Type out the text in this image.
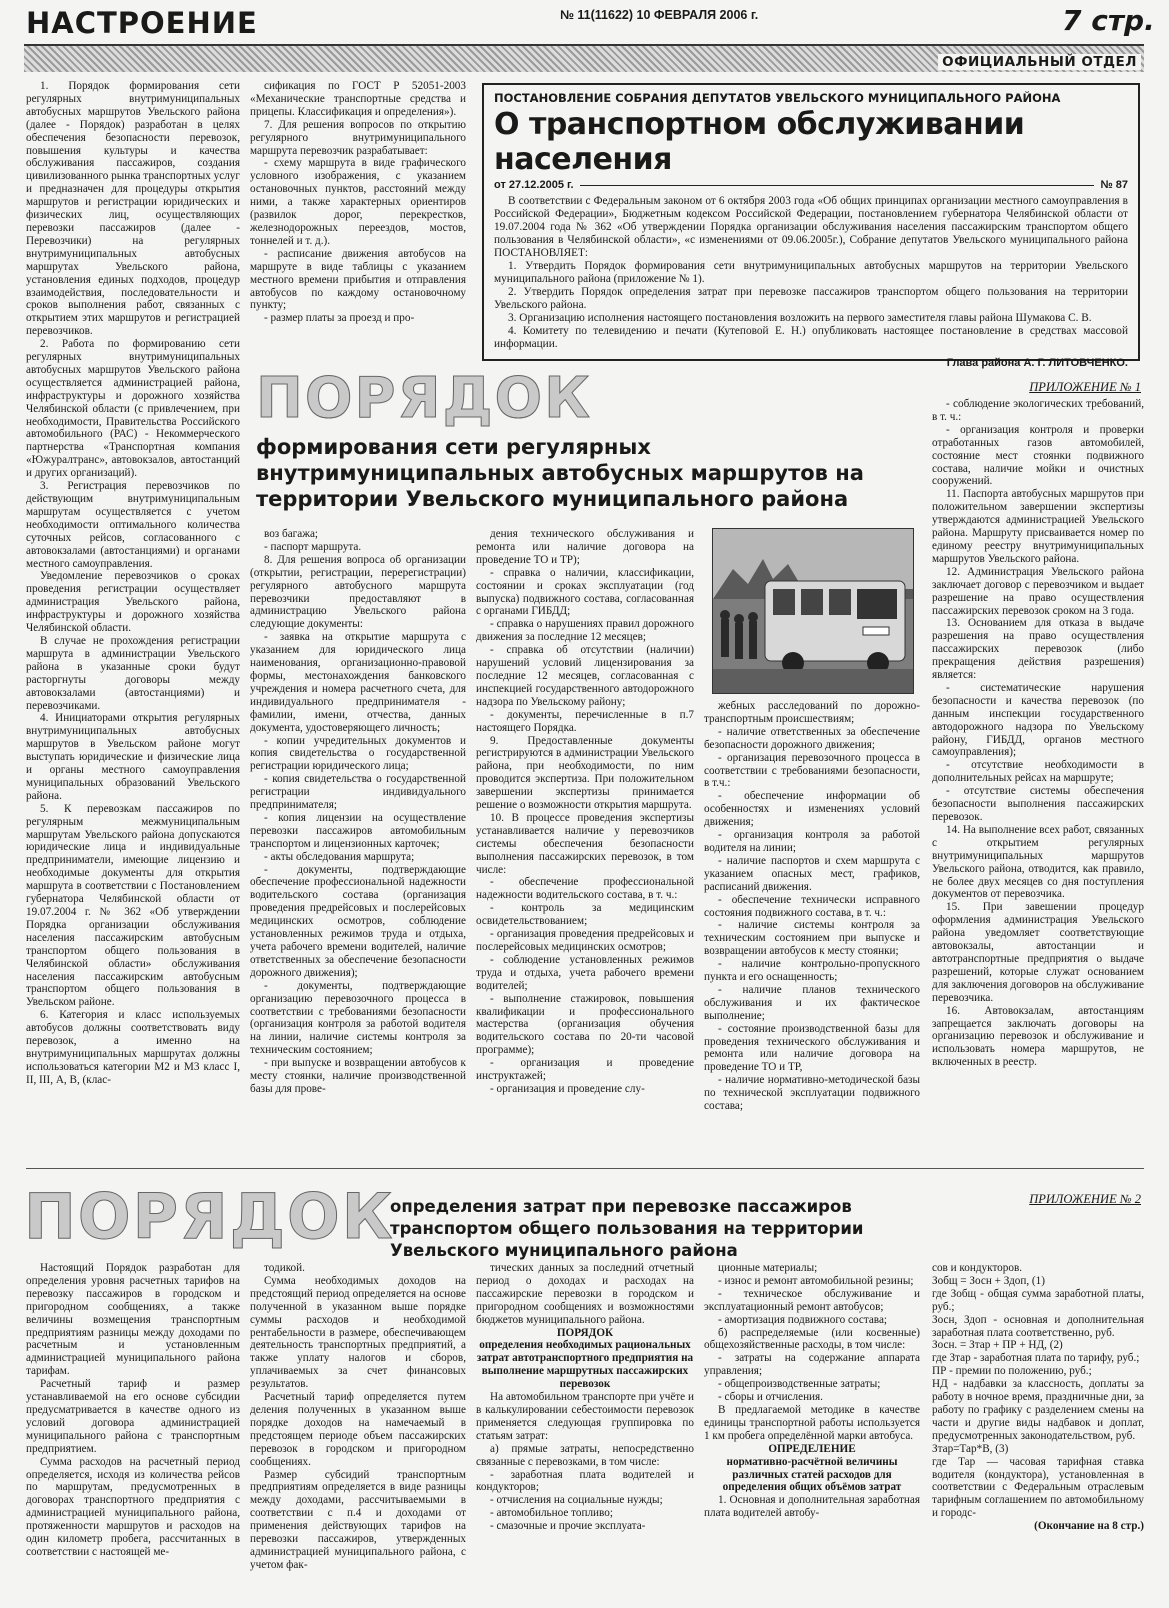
НАСТРОЕНИЕ	№ 11(11622) 10 ФЕВРАЛЯ 2006 г.	7 стр.
ОФИЦИАЛЬНЫЙ ОТДЕЛ

1. Порядок формирования сети регулярных внутримуниципальных автобусных маршрутов Увельского района (далее - Порядок) разработан в целях обеспечения безопасности перевозок, повышения культуры и качества обслуживания пассажиров, создания цивилизованного рынка транспортных услуг и предназначен для процедуры открытия маршрутов и регистрации юридических и физических лиц, осуществляющих перевозки пассажиров (далее - Перевозчики) на регулярных внутримуниципальных автобусных маршрутах Увельского района, установления единых подходов, процедур взаимодействия, последовательности и сроков выполнения работ, связанных с открытием этих маршрутов и регистрацией перевозчиков.

2. Работа по формированию сети регулярных внутримуниципальных автобусных маршрутов Увельского района осуществляется администрацией района, инфраструктуры и дорожного хозяйства Челябинской области (с привлечением, при необходимости, Правительства Российского автомобильного (РАС) - Некоммерческого партнерства «Транспортная компания «Южуралтранс», автовокзалов, автостанций и других организаций).

3. Регистрация перевозчиков по действующим внутримуниципальным маршрутам осуществляется с учетом необходимости оптимального количества суточных рейсов, согласованного с автовокзалами (автостанциями) и органами местного самоуправления.

Уведомление перевозчиков о сроках проведения регистрации осуществляет администрация Увельского района, инфраструктуры и дорожного хозяйства Челябинской области.

В случае не прохождения регистрации маршрута в администрации Увельского района в указанные сроки будут расторгнуты договоры между автовокзалами (автостанциями) и перевозчиками.

4. Инициаторами открытия регулярных внутримуниципальных автобусных маршрутов в Увельском районе могут выступать юридические и физические лица и органы местного самоуправления муниципальных образований Увельского района.

5. К перевозкам пассажиров по регулярным межмуниципальным маршрутам Увельского района допускаются юридические лица и индивидуальные предприниматели, имеющие лицензию и необходимые документы для открытия маршрута в соответствии с Постановлением губернатора Челябинской области от 19.07.2004 г. № 362 «Об утверждении Порядка организации обслуживания населения пассажирским автобусным транспортом общего пользования в Челябинской области» обслуживания населения пассажирским автобусным транспортом общего пользования в Увельском районе.

6. Категория и класс используемых автобусов должны соответствовать виду перевозок, а именно на внутримуниципальных маршрутах должны использоваться категории М2 и М3 класс I, II, III, А, В, (клас-

сификация по ГОСТ Р 52051-2003 «Механические транспортные средства и прицепы. Классификация и определения»).

7. Для решения вопросов по открытию регулярного внутримуниципального маршрута перевозчик разрабатывает:

- схему маршрута в виде графического условного изображения, с указанием остановочных пунктов, расстояний между ними, а также характерных ориентиров (развилок дорог, перекрестков, железнодорожных переездов, мостов, тоннелей и т. д.).

- расписание движения автобусов на маршруте в виде таблицы с указанием местного времени прибытия и отправления автобусов по каждому остановочному пункту;

- размер платы за проезд и про-

ПОСТАНОВЛЕНИЕ СОБРАНИЯ ДЕПУТАТОВ УВЕЛЬСКОГО МУНИЦИПАЛЬНОГО РАЙОНА
О транспортном обслуживании населения
от 27.12.2005 г.	№ 87

В соответствии с Федеральным законом от 6 октября 2003 года «Об общих принципах организации местного самоуправления в Российской Федерации», Бюджетным кодексом Российской Федерации, постановлением губернатора Челябинской области от 19.07.2004 года № 362 «Об утверждении Порядка организации обслуживания населения пассажирским транспортом общего пользования в Челябинской области», «с изменениями от 09.06.2005г.), Собрание депутатов Увельского муниципального района ПОСТАНОВЛЯЕТ:

1. Утвердить Порядок формирования сети внутримуниципальных автобусных маршрутов на территории Увельского муниципального района (приложение № 1).

2. Утвердить Порядок определения затрат при перевозке пассажиров транспортом общего пользования на территории Увельского района.

3. Организацию исполнения настоящего постановления возложить на первого заместителя главы района Шумакова С. В.

4. Комитету по телевидению и печати (Кутеповой Е. Н.) опубликовать настоящее постановление в средствах массовой информации.

Глава района А. Г. ЛИТОВЧЕНКО.
ПОРЯДОК
формирования сети регулярных внутримуниципальных автобусных маршрутов на территории Увельского муниципального района
ПРИЛОЖЕНИЕ № 1

воз багажа;

- паспорт маршрута.

8. Для решения вопроса об организации (открытии, регистрации, перерегистрации) регулярного автобусного маршрута перевозчики предоставляют в администрацию Увельского района следующие документы:

- заявка на открытие маршрута с указанием для юридического лица наименования, организационно-правовой формы, местонахождения банковского учреждения и номера расчетного счета, для индивидуального предпринимателя - фамилии, имени, отчества, данных документа, удостоверяющего личность;

- копии учредительных документов и копия свидетельства о государственной регистрации юридического лица;

- копия свидетельства о государственной регистрации индивидуального предпринимателя;

- копия лицензии на осуществление перевозки пассажиров автомобильным транспортом и лицензионных карточек;

- акты обследования маршрута;

- документы, подтверждающие обеспечение профессиональной надежности водительского состава (организация проведения предрейсовых и послерейсовых медицинских осмотров, соблюдение установленных режимов труда и отдыха, учета рабочего времени водителей, наличие ответственных за обеспечение безопасности дорожного движения);

- документы, подтверждающие организацию перевозочного процесса в соответствии с требованиями безопасности (организация контроля за работой водителя на линии, наличие системы контроля за техническим состоянием;

- при выпуске и возвращении автобусов к месту стоянки, наличие производственной базы для прове-

дения технического обслуживания и ремонта или наличие договора на проведение ТО и ТР);

- справка о наличии, классификации, состоянии и сроках эксплуатации (год выпуска) подвижного состава, согласованная с органами ГИБДД;

- справка о нарушениях правил дорожного движения за последние 12 месяцев;

- справка об отсутствии (наличии) нарушений условий лицензирования за последние 12 месяцев, согласованная с инспекцией государственного автодорожного надзора по Увельскому району;

- документы, перечисленные в п.7 настоящего Порядка.

9. Предоставленные документы регистрируются в администрации Увельского района, при необходимости, по ним проводится экспертиза. При положительном завершении экспертизы принимается решение о возможности открытия маршрута.

10. В процессе проведения экспертизы устанавливается наличие у перевозчиков системы обеспечения безопасности выполнения пассажирских перевозок, в том числе:

- обеспечение профессиональной надежности водительского состава, в т. ч.:

- контроль за медицинским освидетельствованием;

- организация проведения предрейсовых и послерейсовых медицинских осмотров;

- соблюдение установленных режимов труда и отдыха, учета рабочего времени водителей;

- выполнение стажировок, повышения квалификации и профессионального мастерства (организация обучения водительского состава по 20-ти часовой программе);

- организация и проведение инструктажей;

- организация и проведение слу-

жебных расследований по дорожно-транспортным происшествиям;

- наличие ответственных за обеспечение безопасности дорожного движения;

- организация перевозочного процесса в соответствии с требованиями безопасности, в т.ч.:

- обеспечение информации об особенностях и изменениях условий движения;

- организация контроля за работой водителя на линии;

- наличие паспортов и схем маршрута с указанием опасных мест, графиков, расписаний движения.

- обеспечение технически исправного состояния подвижного состава, в т. ч.:

- наличие системы контроля за техническим состоянием при выпуске и возвращении автобусов к месту стоянки;

- наличие контрольно-пропускного пункта и его оснащенность;

- наличие планов технического обслуживания и их фактическое выполнение;

- состояние производственной базы для проведения технического обслуживания и ремонта или наличие договора на проведение ТО и ТР,

- наличие нормативно-методической базы по технической эксплуатации подвижного состава;

- соблюдение экологических требований, в т. ч.:

- организация контроля и проверки отработанных газов автомобилей, состояние мест стоянки подвижного состава, наличие мойки и очистных сооружений.

11. Паспорта автобусных маршрутов при положительном завершении экспертизы утверждаются администрацией Увельского района. Маршруту присваивается номер по единому реестру внутримуниципальных маршрутов Увельского района.

12. Администрация Увельского района заключает договор с перевозчиком и выдает разрешение на право осуществления пассажирских перевозок сроком на 3 года.

13. Основанием для отказа в выдаче разрешения на право осуществления пассажирских перевозок (либо прекращения действия разрешения) является:

- систематические нарушения безопасности и качества перевозок (по данным инспекции государственного автодорожного надзора по Увельскому району, ГИБДД, органов местного самоуправления);

- отсутствие необходимости в дополнительных рейсах на маршруте;

- отсутствие системы обеспечения безопасности выполнения пассажирских перевозок.

14. На выполнение всех работ, связанных с открытием регулярных внутримуниципальных маршрутов Увельского района, отводится, как правило, не более двух месяцев со дня поступления документов от перевозчика.

15. При завешении процедур оформления администрация Увельского района уведомляет соответствующие автовокзалы, автостанции и автотранспортные предприятия о выдаче разрешений, которые служат основанием для заключения договоров на обслуживание перевозчика.

16. Автовокзалам, автостанциям запрещается заключать договоры на организацию перевозок и обслуживание и использовать номера маршрутов, не включенных в реестр.

ПОРЯДОК
определения затрат при перевозке пассажиров транспортом общего пользования на территории Увельского муниципального района
ПРИЛОЖЕНИЕ № 2

Настоящий Порядок разработан для определения уровня расчетных тарифов на перевозку пассажиров в городском и пригородном сообщениях, а также величины возмещения транспортным предприятиям разницы между доходами по расчетным и установленным администрацией муниципального района тарифам.

Расчетный тариф и размер устанавливаемой на его основе субсидии предусматривается в качестве одного из условий договора администрацией муниципального района с транспортным предприятием.

Сумма расходов на расчетный период определяется, исходя из количества рейсов по маршрутам, предусмотренных в договорах транспортного предприятия с администрацией муниципального района, протяженности маршрутов и расходов на один километр пробега, рассчитанных в соответствии с настоящей ме-

тодикой.

Сумма необходимых доходов на предстоящий период определяется на основе полученной в указанном выше порядке суммы расходов и необходимой рентабельности в размере, обеспечивающем деятельность транспортных предприятий, а также уплату налогов и сборов, уплачиваемых за счет финансовых результатов.

Расчетный тариф определяется путем деления полученных в указанном выше порядке доходов на намечаемый в предстоящем периоде объем пассажирских перевозок в городском и пригородном сообщениях.

Размер субсидий транспортным предприятиям определяется в виде разницы между доходами, рассчитываемыми в соответствии с п.4 и доходами от применения действующих тарифов на перевозки пассажиров, утвержденных администрацией муниципального района, с учетом фак-

тических данных за последний отчетный период о доходах и расходах на пассажирские перевозки в городском и пригородном сообщениях и возможностями бюджетов муниципального района.

ПОРЯДОК

определения необходимых рациональных затрат автотранспортного предприятия на выполнение маршрутных пассажирских перевозок

На автомобильном транспорте при учёте и в калькулировании себестоимости перевозок применяется следующая группировка по статьям затрат:

а) прямые затраты, непосредственно связанные с перевозками, в том числе:

- заработная плата водителей и кондукторов;

- отчисления на социальные нужды;

- автомобильное топливо;

- смазочные и прочие эксплуата-

ционные материалы;

- износ и ремонт автомобильной резины;

- техническое обслуживание и эксплуатационный ремонт автобусов;

- амортизация подвижного состава;

б) распределяемые (или косвенные) общехозяйственные расходы, в том числе:

- затраты на содержание аппарата управления;

- общепроизводственные затраты;

- сборы и отчисления.

В предлагаемой методике в качестве единицы транспортной работы используется 1 км пробега определённой марки автобуса.

ОПРЕДЕЛЕНИЕ

нормативно-расчётной величины различных статей расходов для определения общих объёмов затрат

1. Основная и дополнительная заработная плата водителей автобу-

сов и кондукторов.

Зобщ = Зосн + Здоп, (1)

где Зобщ - общая сумма заработной платы, руб.;

Зосн, Здоп - основная и дополнительная заработная плата соответственно, руб.

Зосн. = Зтар + ПР + НД, (2)

где Зтар - заработная плата по тарифу, руб.;

ПР - премии по положению, руб.;

НД - надбавки за классность, доплаты за работу в ночное время, праздничные дни, за работу по графику с разделением смены на части и другие виды надбавок и доплат, предусмотренных законодательством, руб.

Зтар=Тар*В, (3)

где Тар — часовая тарифная ставка водителя (кондуктора), установленная в соответствии с Федеральным отраслевым тарифным соглашением по автомобильному и городс-

(Окончание на 8 стр.)
